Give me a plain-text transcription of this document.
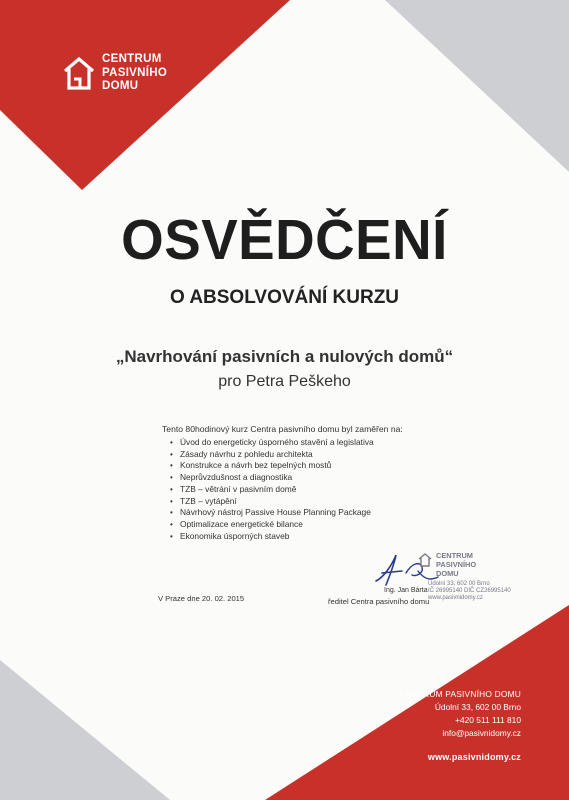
CENTRUM
PASIVNÍHO
DOMU
OSVĚDČENÍ
O ABSOLVOVÁNÍ KURZU
„Navrhování pasivních a nulových domů“
pro Petra Peškeho
Tento 80hodinový kurz Centra pasivního domu byl zaměřen na:
• Úvod do energeticky úsporného stavění a legislativa
• Zásady návrhu z pohledu architekta
• Konstrukce a návrh bez tepelných mostů
• Neprůvzdušnost a diagnostika
• TZB – větrání v pasivním domě
• TZB – vytápění
• Návrhový nástroj Passive House Planning Package
• Optimalizace energetické bilance
• Ekonomika úsporných staveb
CENTRUM
PASIVNÍHO
DOMU
Údolní 33, 602 00 Brno
IČ 26995140 DIČ CZ26995140
www.pasivnidomy.cz
V Praze dne 20. 02. 2015
Ing. Jan Bárta
ředitel Centra pasivního domu
CENTRUM PASIVNÍHO DOMU
Údolní 33, 602 00 Brno
+420 511 111 810
info@pasivnidomy.cz
www.pasivnidomy.cz
